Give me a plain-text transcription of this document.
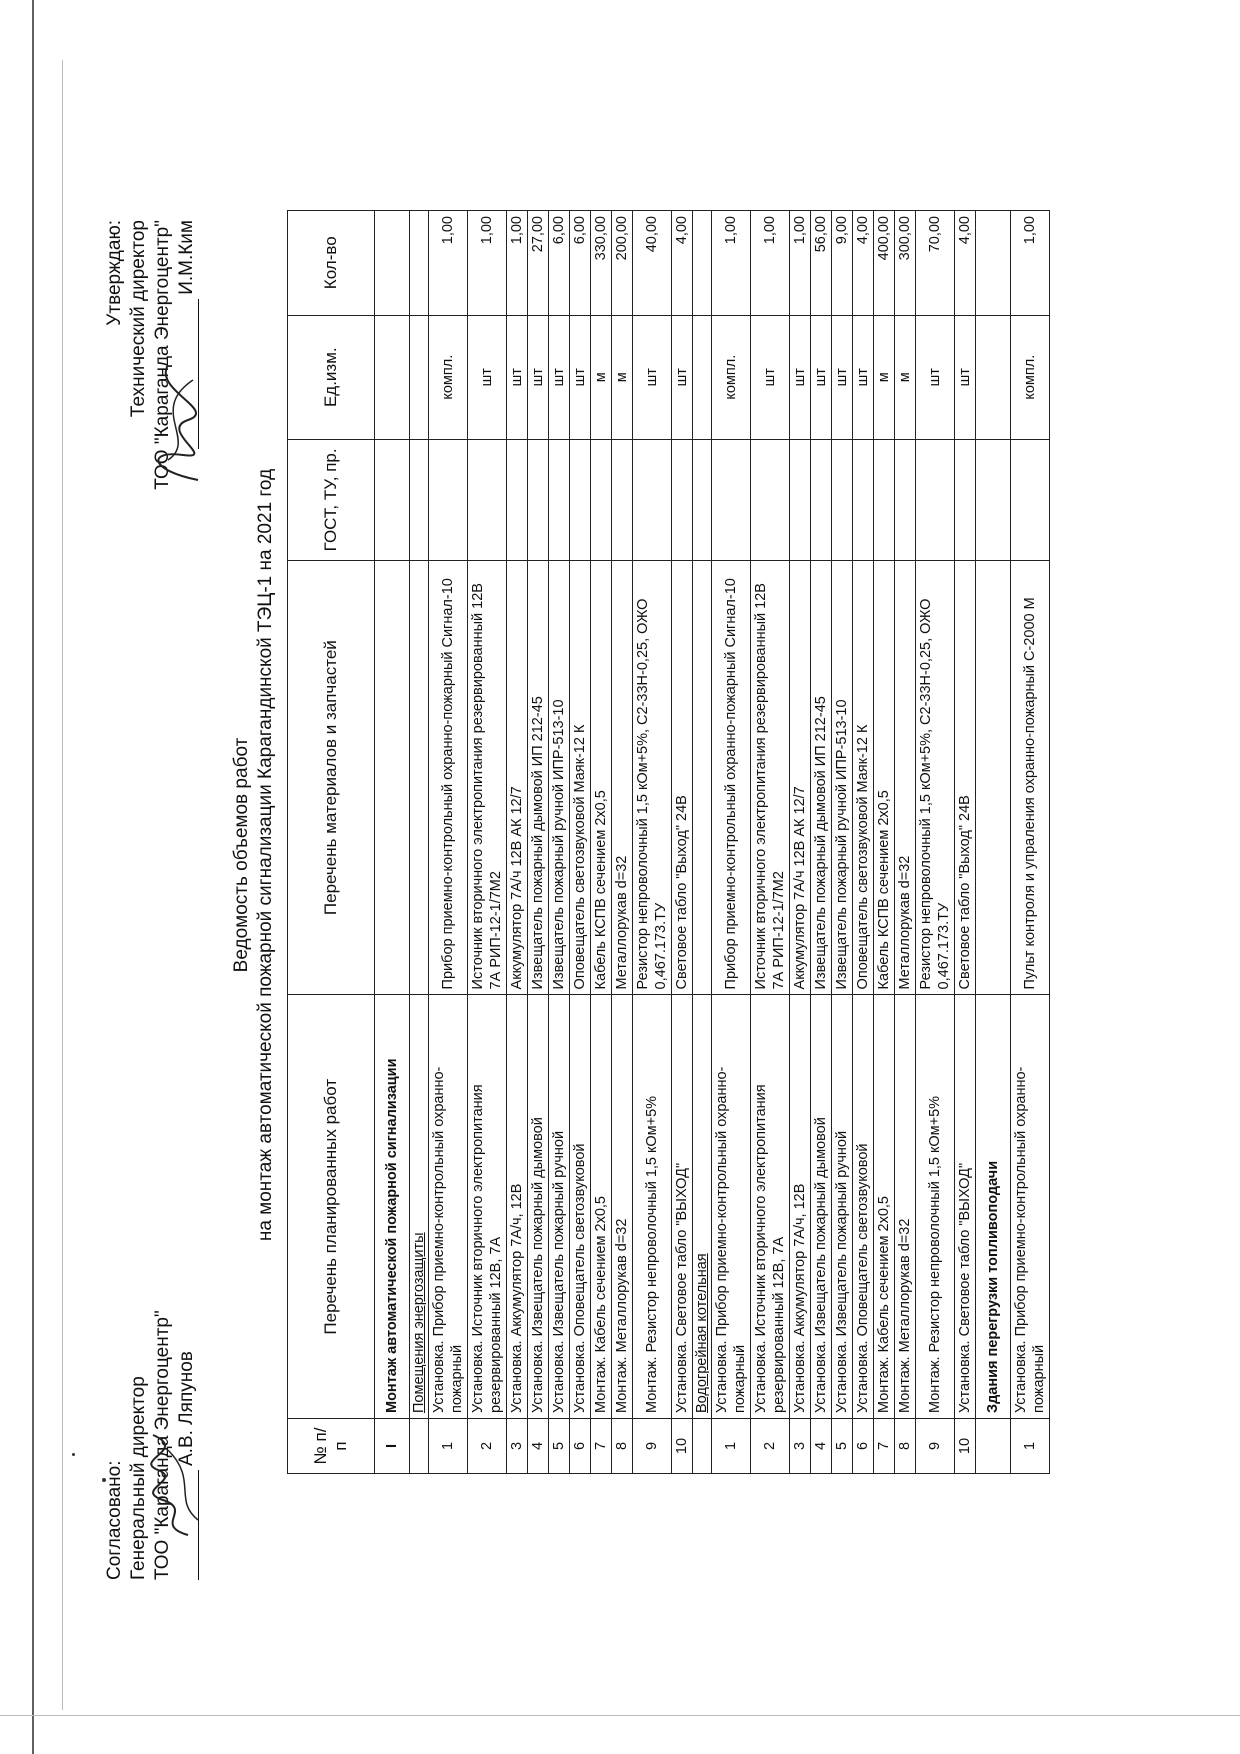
Согласовано: Генеральный директор ТОО "Караганда Энергоцентр" А.В. Ляпунов
Утверждаю: Технический директор ТОО "Караганда Энергоцентр" И.М.Ким
Ведомость объемов работ на монтаж автоматической пожарной сигнализации Карагандинской ТЭЦ-1 на 2021 год
№ п/п	Перечень планированных работ	Перечень материалов и запчастей	ГОСТ, ТУ, пр.	Ед.изм.	Кол-во
I	Монтаж автоматической пожарной сигнализации				
	Помещения энергозащиты				
1	Установка. Прибор приемно-контрольный охранно-пожарный	Прибор приемно-контрольный охранно-пожарный Сигнал-10		компл.	1,00
2	Установка. Источник вторичного электропитания резервированный 12В, 7А	Источник вторичного электропитания резервированный 12В 7А РИП-12-1/7М2		шт	1,00
3	Установка. Аккумулятор 7А/ч, 12В	Аккумулятор 7А/ч 12В АК 12/7		шт	1,00
4	Установка. Извещатель пожарный дымовой	Извещатель пожарный дымовой ИП 212-45		шт	27,00
5	Установка. Извещатель пожарный ручной	Извещатель пожарный ручной ИПР-513-10		шт	6,00
6	Установка. Оповещатель светозвуковой	Оповещатель светозвуковой Маяк-12 К		шт	6,00
7	Монтаж. Кабель сечением 2х0,5	Кабель КСПВ сечением 2х0,5		м	330,00
8	Монтаж. Металлорукав d=32	Металлорукав d=32		м	200,00
9	Монтаж. Резистор непроволочный 1,5 кОм+5%	Резистор непроволочный 1,5 кОм+5%, С2-33Н-0,25, ОЖО 0,467.173.ТУ		шт	40,00
10	Установка. Световое табло "ВЫХОД"	Световое табло "Выход" 24В		шт	4,00
	Водогрейная котельная				
1	Установка. Прибор приемно-контрольный охранно-пожарный	Прибор приемно-контрольный охранно-пожарный Сигнал-10		компл.	1,00
2	Установка. Источник вторичного электропитания резервированный 12В, 7А	Источник вторичного электропитания резервированный 12В 7А РИП-12-1/7М2		шт	1,00
3	Установка. Аккумулятор 7А/ч, 12В	Аккумулятор 7А/ч 12В АК 12/7		шт	1,00
4	Установка. Извещатель пожарный дымовой	Извещатель пожарный дымовой ИП 212-45		шт	56,00
5	Установка. Извещатель пожарный ручной	Извещатель пожарный ручной ИПР-513-10		шт	9,00
6	Установка. Оповещатель светозвуковой	Оповещатель светозвуковой Маяк-12 К		шт	4,00
7	Монтаж. Кабель сечением 2х0,5	Кабель КСПВ сечением 2х0,5		м	400,00
8	Монтаж. Металлорукав d=32	Металлорукав d=32		м	300,00
9	Монтаж. Резистор непроволочный 1,5 кОм+5%	Резистор непроволочный 1,5 кОм+5%, С2-33Н-0,25, ОЖО 0,467.173.ТУ		шт	70,00
10	Установка. Световое табло "ВЫХОД"	Световое табло "Выход" 24В		шт	4,00
	Здания перегрузки топливоподачи				
1	Установка. Прибор приемно-контрольный охранно-пожарный	Пульт контроля и упраления охранно-пожарный С-2000 М		компл.	1,00
